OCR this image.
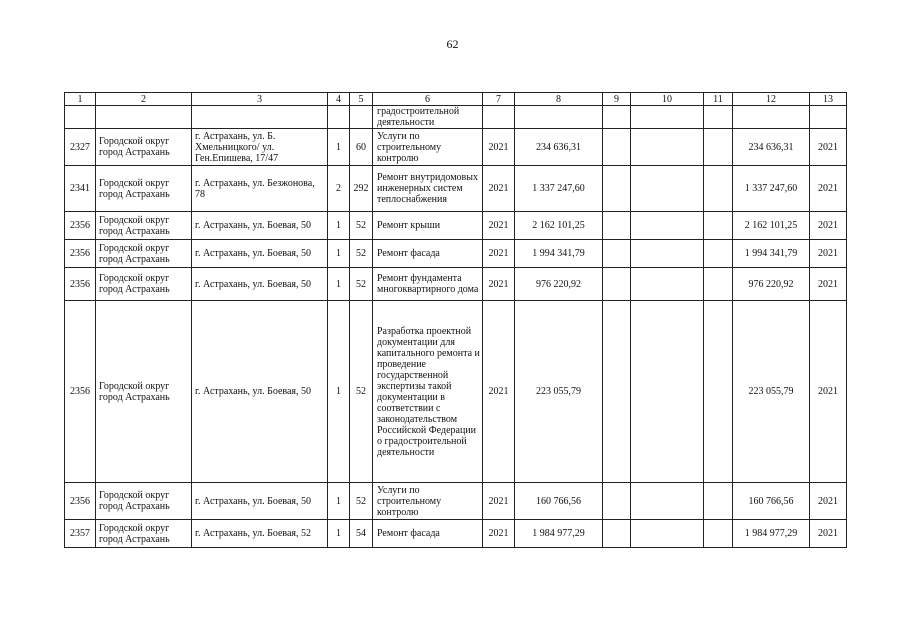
62
1	2	3	4	5	6	7	8	9	10	11	12	13
					градостроительной деятельности							
2327	Городской округ город Астрахань	г. Астрахань, ул. Б. Хмельницкого/ ул. Ген.Епишева, 17/47	1	60	Услуги по строительному контролю	2021	234 636,31				234 636,31	2021
2341	Городской округ город Астрахань	г. Астрахань, ул. Безжонова, 78	2	292	Ремонт внутридомовых инженерных систем теплоснабжения	2021	1 337 247,60				1 337 247,60	2021
2356	Городской округ город Астрахань	г. Астрахань, ул. Боевая, 50	1	52	Ремонт крыши	2021	2 162 101,25				2 162 101,25	2021
2356	Городской округ город Астрахань	г. Астрахань, ул. Боевая, 50	1	52	Ремонт фасада	2021	1 994 341,79				1 994 341,79	2021
2356	Городской округ город Астрахань	г. Астрахань, ул. Боевая, 50	1	52	Ремонт фундамента многоквартирного дома	2021	976 220,92				976 220,92	2021
2356	Городской округ город Астрахань	г. Астрахань, ул. Боевая, 50	1	52	Разработка проектной документации для капитального ремонта и проведение государственной экспертизы такой документации в соответствии с законодательством Российской Федерации о градостроительной деятельности	2021	223 055,79				223 055,79	2021
2356	Городской округ город Астрахань	г. Астрахань, ул. Боевая, 50	1	52	Услуги по строительному контролю	2021	160 766,56				160 766,56	2021
2357	Городской округ город Астрахань	г. Астрахань, ул. Боевая, 52	1	54	Ремонт фасада	2021	1 984 977,29				1 984 977,29	2021
